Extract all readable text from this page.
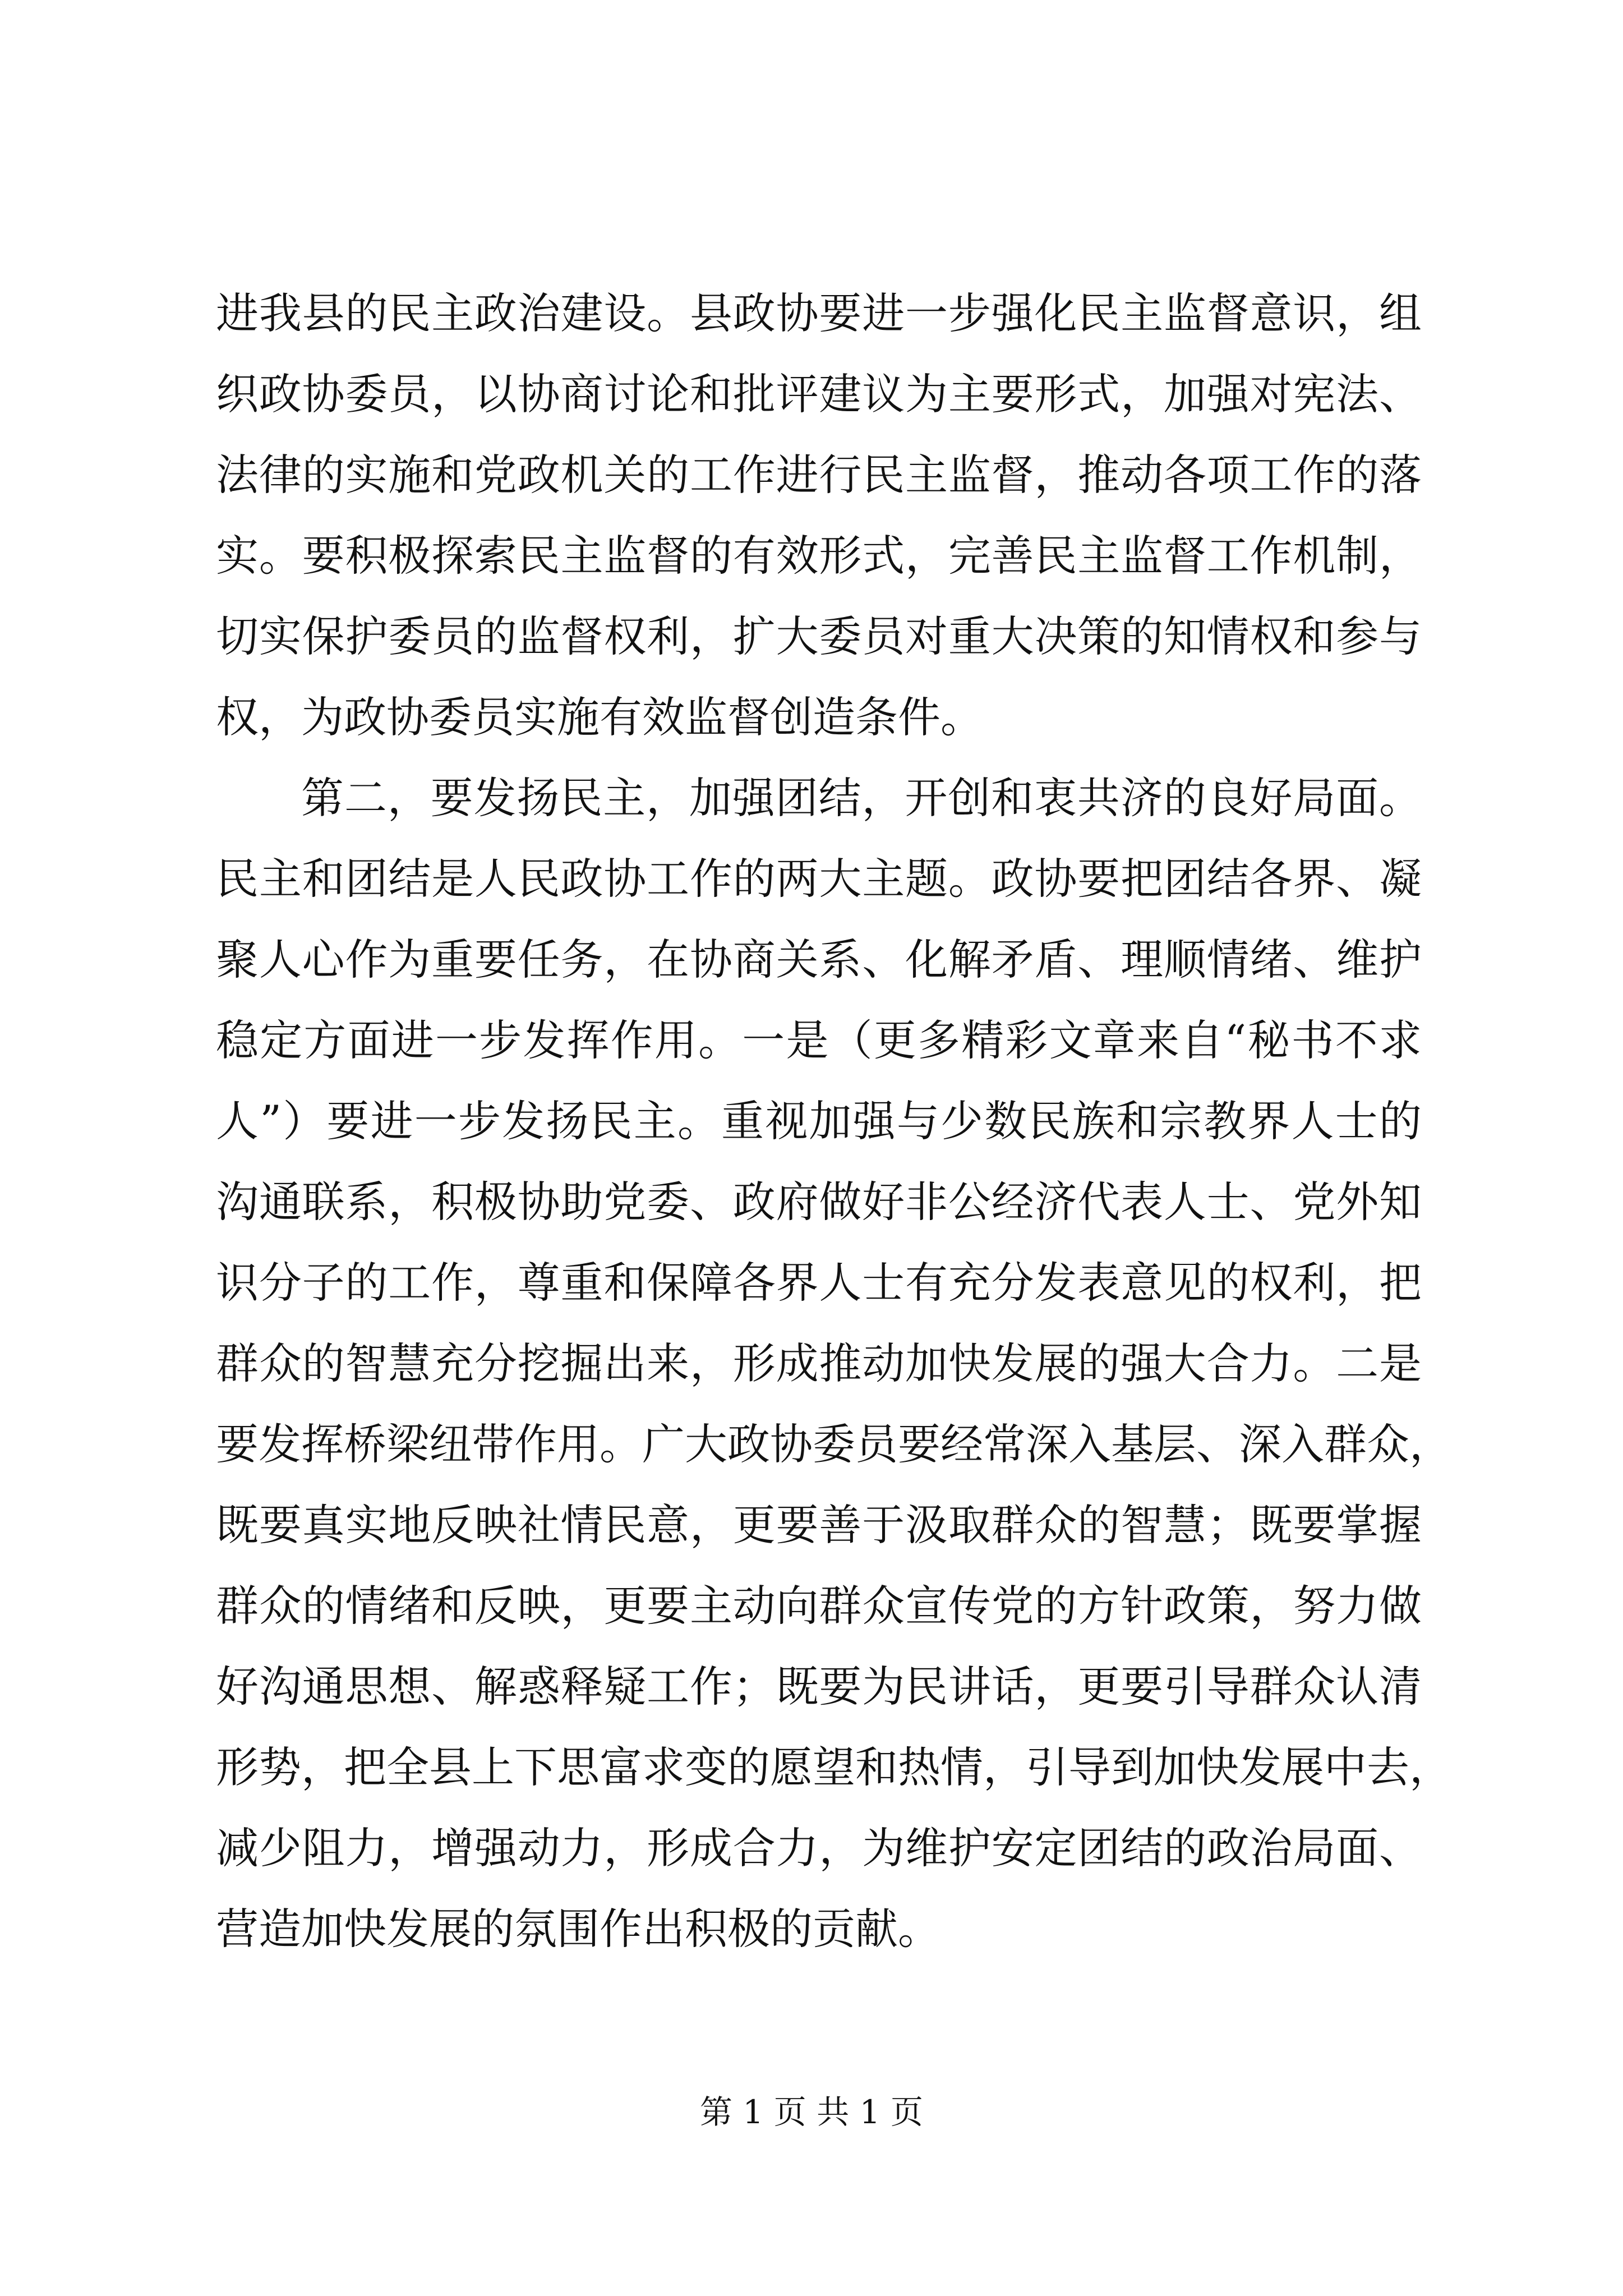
进我县的民主政治建设。县政协要进一步强化民主监督意识，组
织政协委员，以协商讨论和批评建议为主要形式，加强对宪法、
法律的实施和党政机关的工作进行民主监督，推动各项工作的落
实。要积极探索民主监督的有效形式，完善民主监督工作机制，
切实保护委员的监督权利，扩大委员对重大决策的知情权和参与
权，为政协委员实施有效监督创造条件。
第二，要发扬民主，加强团结，开创和衷共济的良好局面。
民主和团结是人民政协工作的两大主题。政协要把团结各界、凝
聚人心作为重要任务，在协商关系、化解矛盾、理顺情绪、维护
稳定方面进一步发挥作用。一是（更多精彩文章来自“秘书不求
人”）要进一步发扬民主。重视加强与少数民族和宗教界人士的
沟通联系，积极协助党委、政府做好非公经济代表人士、党外知
识分子的工作，尊重和保障各界人士有充分发表意见的权利，把
群众的智慧充分挖掘出来，形成推动加快发展的强大合力。二是
要发挥桥梁纽带作用。广大政协委员要经常深入基层、深入群众，
既要真实地反映社情民意，更要善于汲取群众的智慧；既要掌握
群众的情绪和反映，更要主动向群众宣传党的方针政策，努力做
好沟通思想、解惑释疑工作；既要为民讲话，更要引导群众认清
形势，把全县上下思富求变的愿望和热情，引导到加快发展中去，
减少阻力，增强动力，形成合力，为维护安定团结的政治局面、
营造加快发展的氛围作出积极的贡献。
第 1 页 共 1 页
